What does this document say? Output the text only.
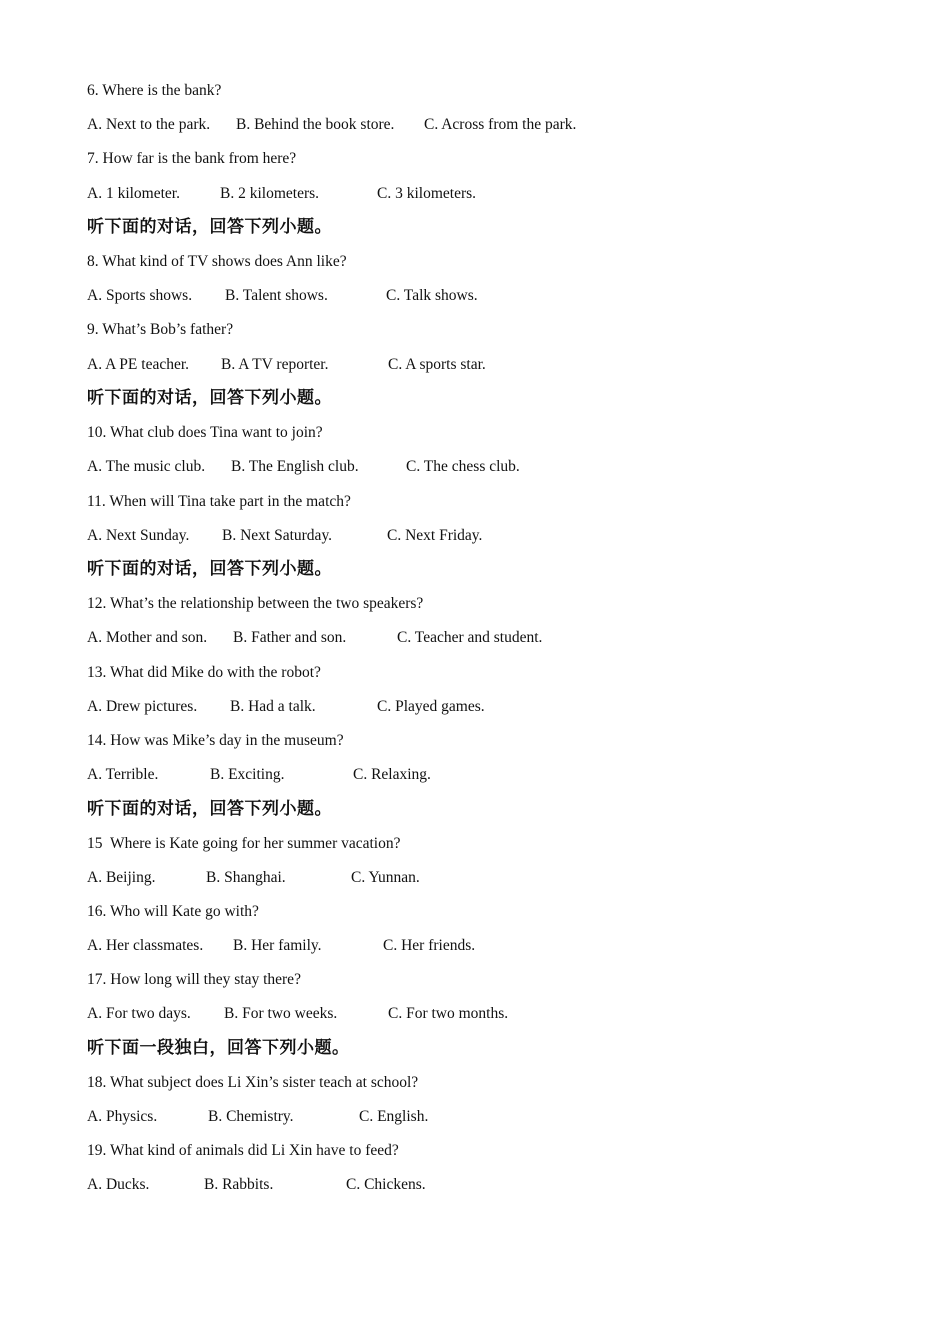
6. Where is the bank?

A. Next to the park.

B. Behind the book store.

C. Across from the park.

7. How far is the bank from here?

A. 1 kilometer.

	B. 2 kilometers.

	C. 3 kilometers.

听下面的对话，回答下列小题。
8. What kind of TV shows does Ann like?

A. Sports shows.

B. Talent shows.

	C. Talk shows.

9. What’s Bob’s father?

A. A PE teacher.

B. A TV reporter.

	C. A sports star.

听下面的对话，回答下列小题。
10. What club does Tina want to join?

A. The music club.

B. The English club.

	C. The chess club.

11. When will Tina take part in the match?

A. Next Sunday.

B. Next Saturday.

	C. Next Friday.

听下面的对话，回答下列小题。
12. What’s the relationship between the two speakers?

A. Mother and son.

B. Father and son.

	C. Teacher and student.

13. What did Mike do with the robot?

A. Drew pictures.

B. Had a talk.

	C. Played games.

14. How was Mike’s day in the museum?

A. Terrible.

	B. Exciting.

	C. Relaxing.

听下面的对话，回答下列小题。
15  Where is Kate going for her summer vacation?

A. Beijing.

	B. Shanghai.

	C. Yunnan.

16. Who will Kate go with?

A. Her classmates.

B. Her family.

	C. Her friends.

17. How long will they stay there?

A. For two days.

B. For two weeks.

	C. For two months.

听下面一段独白，回答下列小题。
18. What subject does Li Xin’s sister teach at school?

A. Physics.

	B. Chemistry.

	C. English.

19. What kind of animals did Li Xin have to feed?

A. Ducks.

	B. Rabbits.

	C. Chickens.
